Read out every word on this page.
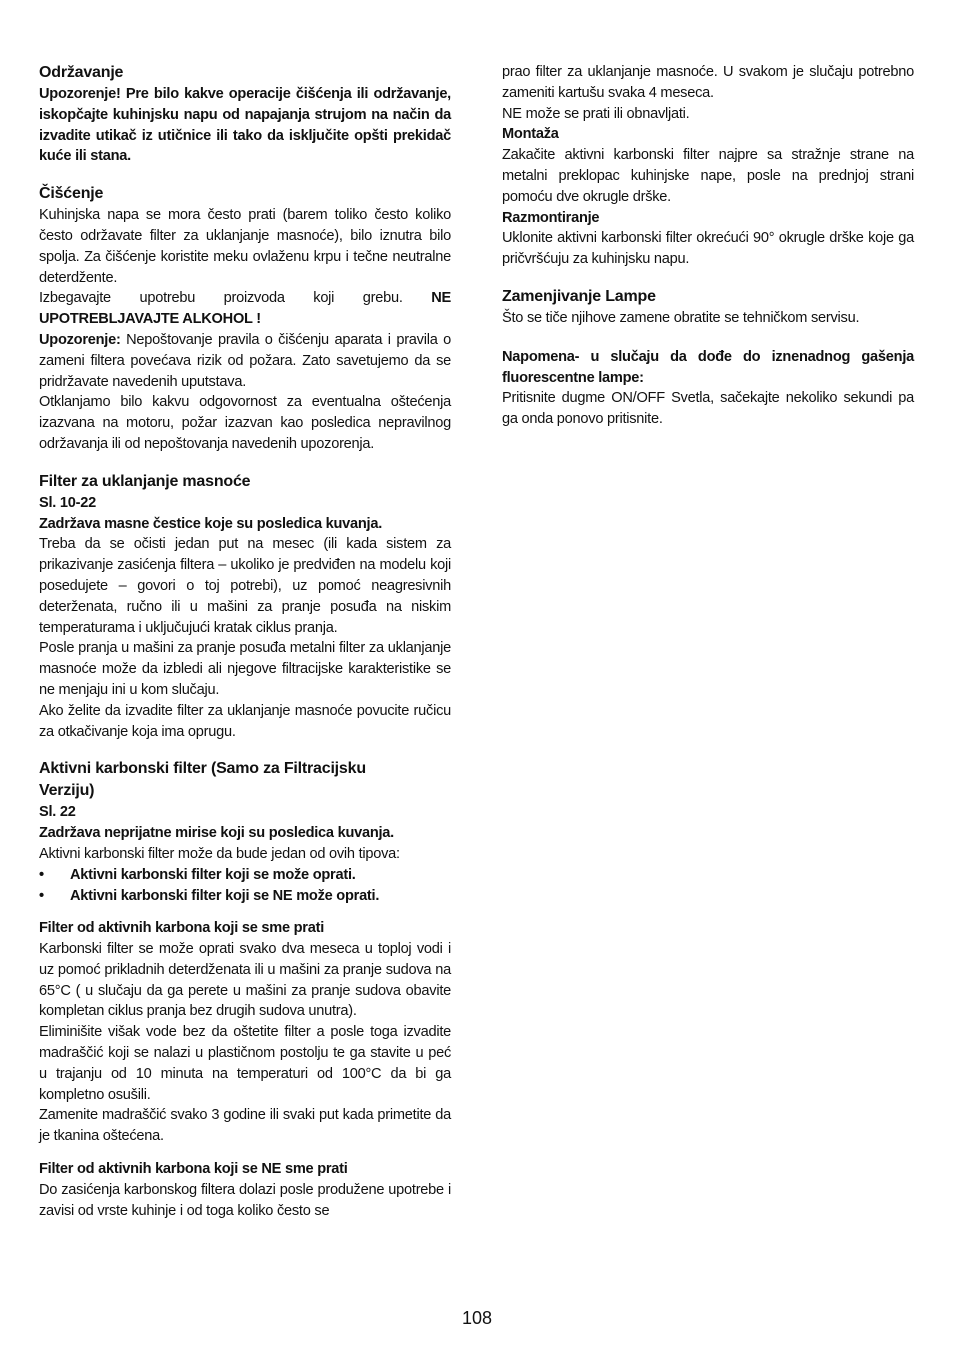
Održavanje

Upozorenje! Pre bilo kakve operacije čišćenja ili održavanje, iskopčajte kuhinjsku napu od napajanja strujom na način da izvadite utikač iz utičnice ili tako da isključite opšti prekidač kuće ili stana.

Čišćenje

Kuhinjska napa se mora često prati (barem toliko često koliko često održavate filter za uklanjanje masnoće), bilo iznutra bilo spolja. Za čišćenje koristite meku ovlaženu krpu i tečne neutralne deterdžente.

Izbegavajte upotrebu proizvoda koji grebu. NE UPOTREBLJAVAJTE ALKOHOL !

Upozorenje: Nepoštovanje pravila o čišćenju aparata i pravila o zameni filtera povećava rizik od požara. Zato savetujemo da se pridržavate navedenih uputstava.

Otklanjamo bilo kakvu odgovornost za eventualna oštećenja izazvana na motoru, požar izazvan kao posledica nepravilnog održavanja ili od nepoštovanja navedenih upozorenja.

Filter za uklanjanje masnoće

Sl. 10-22

Zadržava masne čestice koje su posledica kuvanja.

Treba da se očisti jedan put na mesec (ili kada sistem za prikazivanje zasićenja filtera – ukoliko je predviđen na modelu koji posedujete – govori o toj potrebi), uz pomoć neagresivnih deterženata, ručno ili u mašini za pranje posuđa na niskim temperaturama i uključujući kratak ciklus pranja.

Posle pranja u mašini za pranje posuđa metalni filter za uklanjanje masnoće može da izbledi ali njegove filtracijske karakteristike se ne menjaju ini u kom slučaju.

Ako želite da izvadite filter za uklanjanje masnoće povucite ručicu za otkačivanje koja ima oprugu.

Aktivni karbonski filter (Samo za Filtracijsku Verziju)

Sl. 22

Zadržava neprijatne mirise koji su posledica kuvanja.

Aktivni karbonski filter može da bude jedan od ovih tipova:

•	Aktivni karbonski filter koji se može oprati.
•	Aktivni karbonski filter koji se NE može oprati.

Filter od aktivnih karbona koji se sme prati

Karbonski filter se može oprati svako dva meseca u toploj vodi i uz pomoć prikladnih deterdženata ili u mašini za pranje sudova na 65°C ( u slučaju da ga perete u mašini za pranje sudova obavite kompletan ciklus pranja bez drugih sudova unutra).

Eliminišite višak vode bez da oštetite filter a posle toga izvadite madraščić koji se nalazi u plastičnom postolju te ga stavite u peć u trajanju od 10 minuta na temperaturi od 100°C da bi ga kompletno osušili.

Zamenite madraščić svako 3 godine ili svaki put kada primetite da je tkanina oštećena.

Filter od aktivnih karbona koji se NE sme prati

Do zasićenja karbonskog filtera dolazi posle produžene upotrebe i zavisi od vrste kuhinje i od toga koliko često se

prao filter za uklanjanje masnoće. U svakom je slučaju potrebno zameniti kartušu svaka 4 meseca.

NE može se prati ili obnavljati.

Montaža

Zakačite aktivni karbonski filter najpre sa stražnje strane na metalni preklopac kuhinjske nape, posle na prednjoj strani pomoću dve okrugle drške.

Razmontiranje

Uklonite aktivni karbonski filter okrećući 90° okrugle drške koje ga pričvršćuju za kuhinjsku napu.

Zamenjivanje Lampe

Što se tiče njihove zamene obratite se tehničkom servisu.

Napomena- u slučaju da dođe do iznenadnog gašenja fluorescentne lampe:

Pritisnite dugme ON/OFF Svetla, sačekajte nekoliko sekundi pa ga onda ponovo pritisnite.

108
